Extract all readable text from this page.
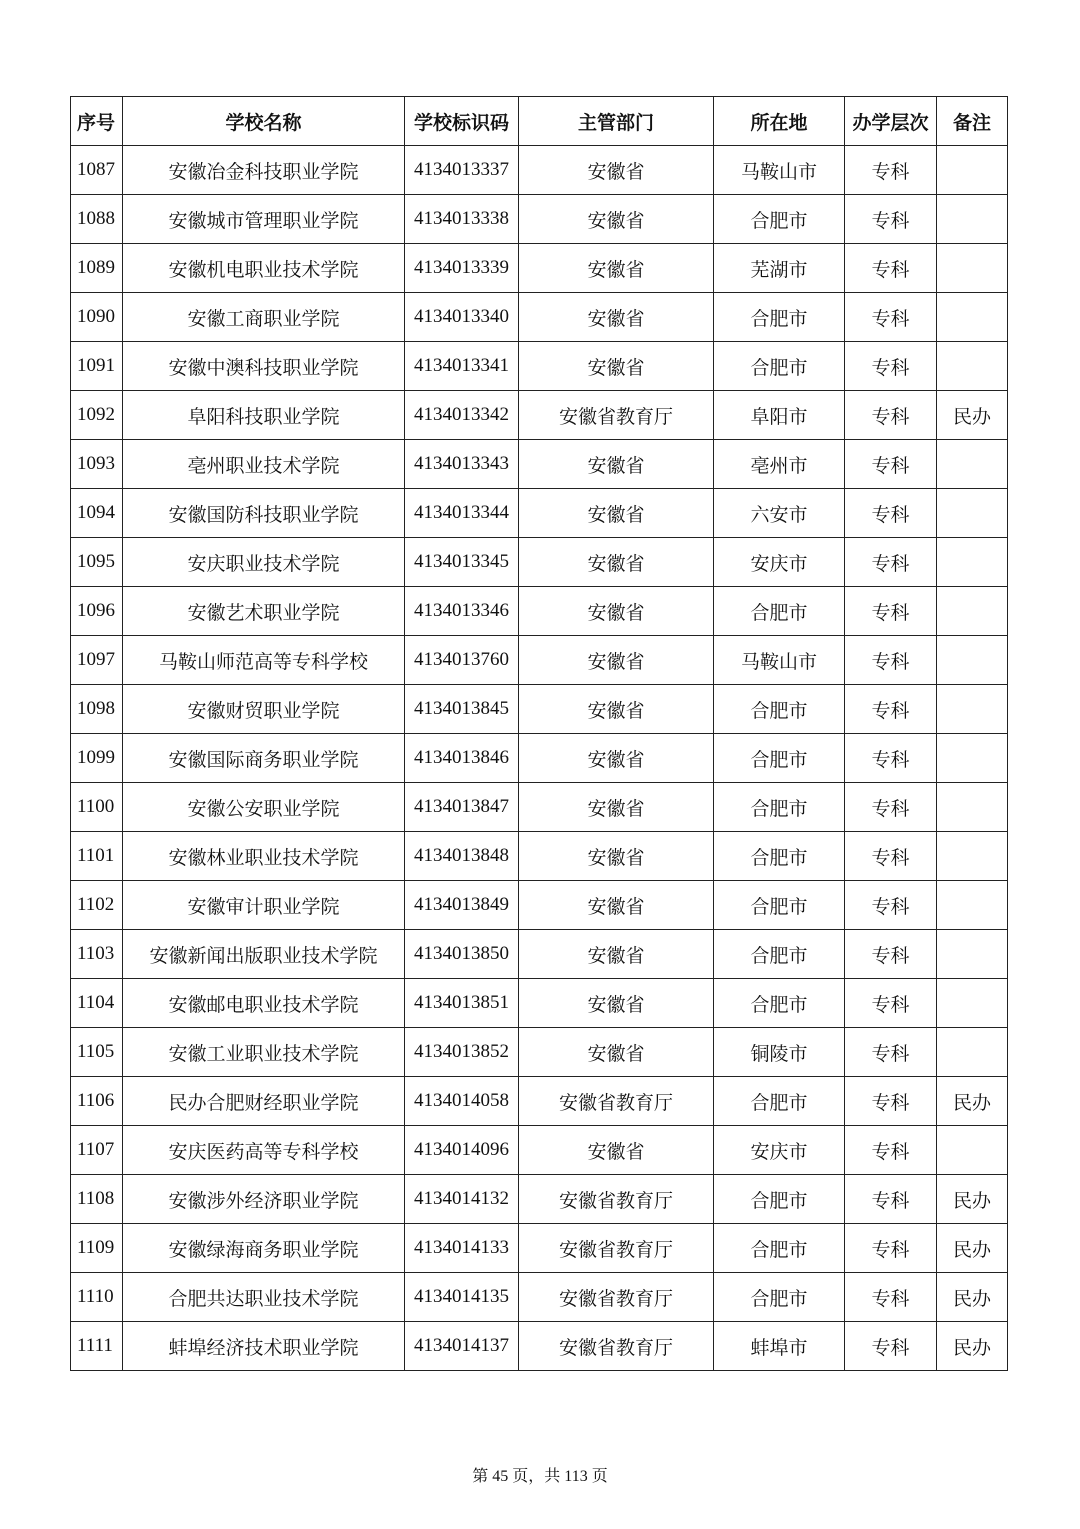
序号	学校名称	学校标识码	主管部门	所在地	办学层次	备注
1087	安徽冶金科技职业学院	4134013337	安徽省	马鞍山市	专科	
1088	安徽城市管理职业学院	4134013338	安徽省	合肥市	专科	
1089	安徽机电职业技术学院	4134013339	安徽省	芜湖市	专科	
1090	安徽工商职业学院	4134013340	安徽省	合肥市	专科	
1091	安徽中澳科技职业学院	4134013341	安徽省	合肥市	专科	
1092	阜阳科技职业学院	4134013342	安徽省教育厅	阜阳市	专科	民办
1093	亳州职业技术学院	4134013343	安徽省	亳州市	专科	
1094	安徽国防科技职业学院	4134013344	安徽省	六安市	专科	
1095	安庆职业技术学院	4134013345	安徽省	安庆市	专科	
1096	安徽艺术职业学院	4134013346	安徽省	合肥市	专科	
1097	马鞍山师范高等专科学校	4134013760	安徽省	马鞍山市	专科	
1098	安徽财贸职业学院	4134013845	安徽省	合肥市	专科	
1099	安徽国际商务职业学院	4134013846	安徽省	合肥市	专科	
1100	安徽公安职业学院	4134013847	安徽省	合肥市	专科	
1101	安徽林业职业技术学院	4134013848	安徽省	合肥市	专科	
1102	安徽审计职业学院	4134013849	安徽省	合肥市	专科	
1103	安徽新闻出版职业技术学院	4134013850	安徽省	合肥市	专科	
1104	安徽邮电职业技术学院	4134013851	安徽省	合肥市	专科	
1105	安徽工业职业技术学院	4134013852	安徽省	铜陵市	专科	
1106	民办合肥财经职业学院	4134014058	安徽省教育厅	合肥市	专科	民办
1107	安庆医药高等专科学校	4134014096	安徽省	安庆市	专科	
1108	安徽涉外经济职业学院	4134014132	安徽省教育厅	合肥市	专科	民办
1109	安徽绿海商务职业学院	4134014133	安徽省教育厅	合肥市	专科	民办
1110	合肥共达职业技术学院	4134014135	安徽省教育厅	合肥市	专科	民办
1111	蚌埠经济技术职业学院	4134014137	安徽省教育厅	蚌埠市	专科	民办
第 45 页，共 113 页
